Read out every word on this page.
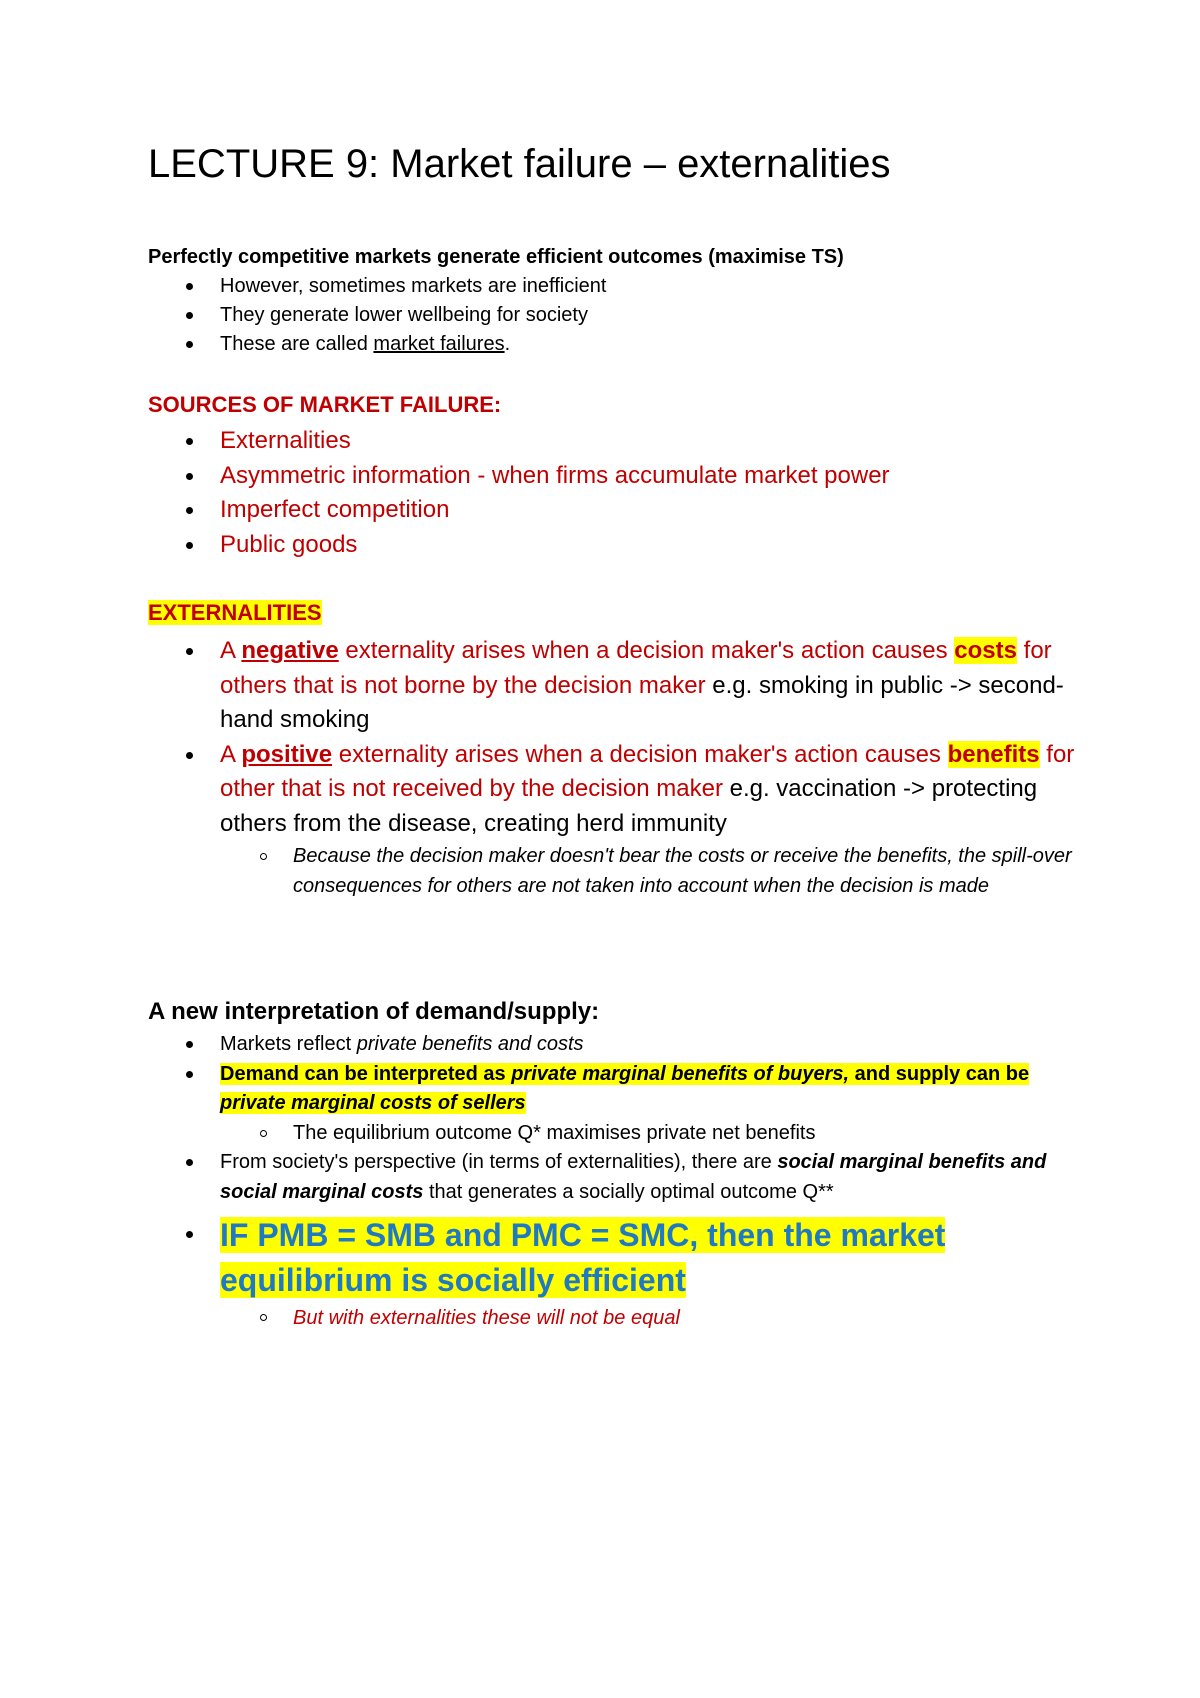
LECTURE 9: Market failure – externalities
Perfectly competitive markets generate efficient outcomes (maximise TS)
However, sometimes markets are inefficient
They generate lower wellbeing for society
These are called market failures.
SOURCES OF MARKET FAILURE:
Externalities
Asymmetric information - when firms accumulate market power
Imperfect competition
Public goods
EXTERNALITIES
A negative externality arises when a decision maker's action causes costs for others that is not borne by the decision maker e.g. smoking in public -> second-hand smoking
A positive externality arises when a decision maker's action causes benefits for other that is not received by the decision maker e.g. vaccination -> protecting others from the disease, creating herd immunity
Because the decision maker doesn't bear the costs or receive the benefits, the spill-over consequences for others are not taken into account when the decision is made
A new interpretation of demand/supply:
Markets reflect private benefits and costs
Demand can be interpreted as private marginal benefits of buyers, and supply can be private marginal costs of sellers
The equilibrium outcome Q* maximises private net benefits
From society's perspective (in terms of externalities), there are social marginal benefits and social marginal costs that generates a socially optimal outcome Q**
IF PMB = SMB and PMC = SMC, then the market equilibrium is socially efficient
But with externalities these will not be equal
